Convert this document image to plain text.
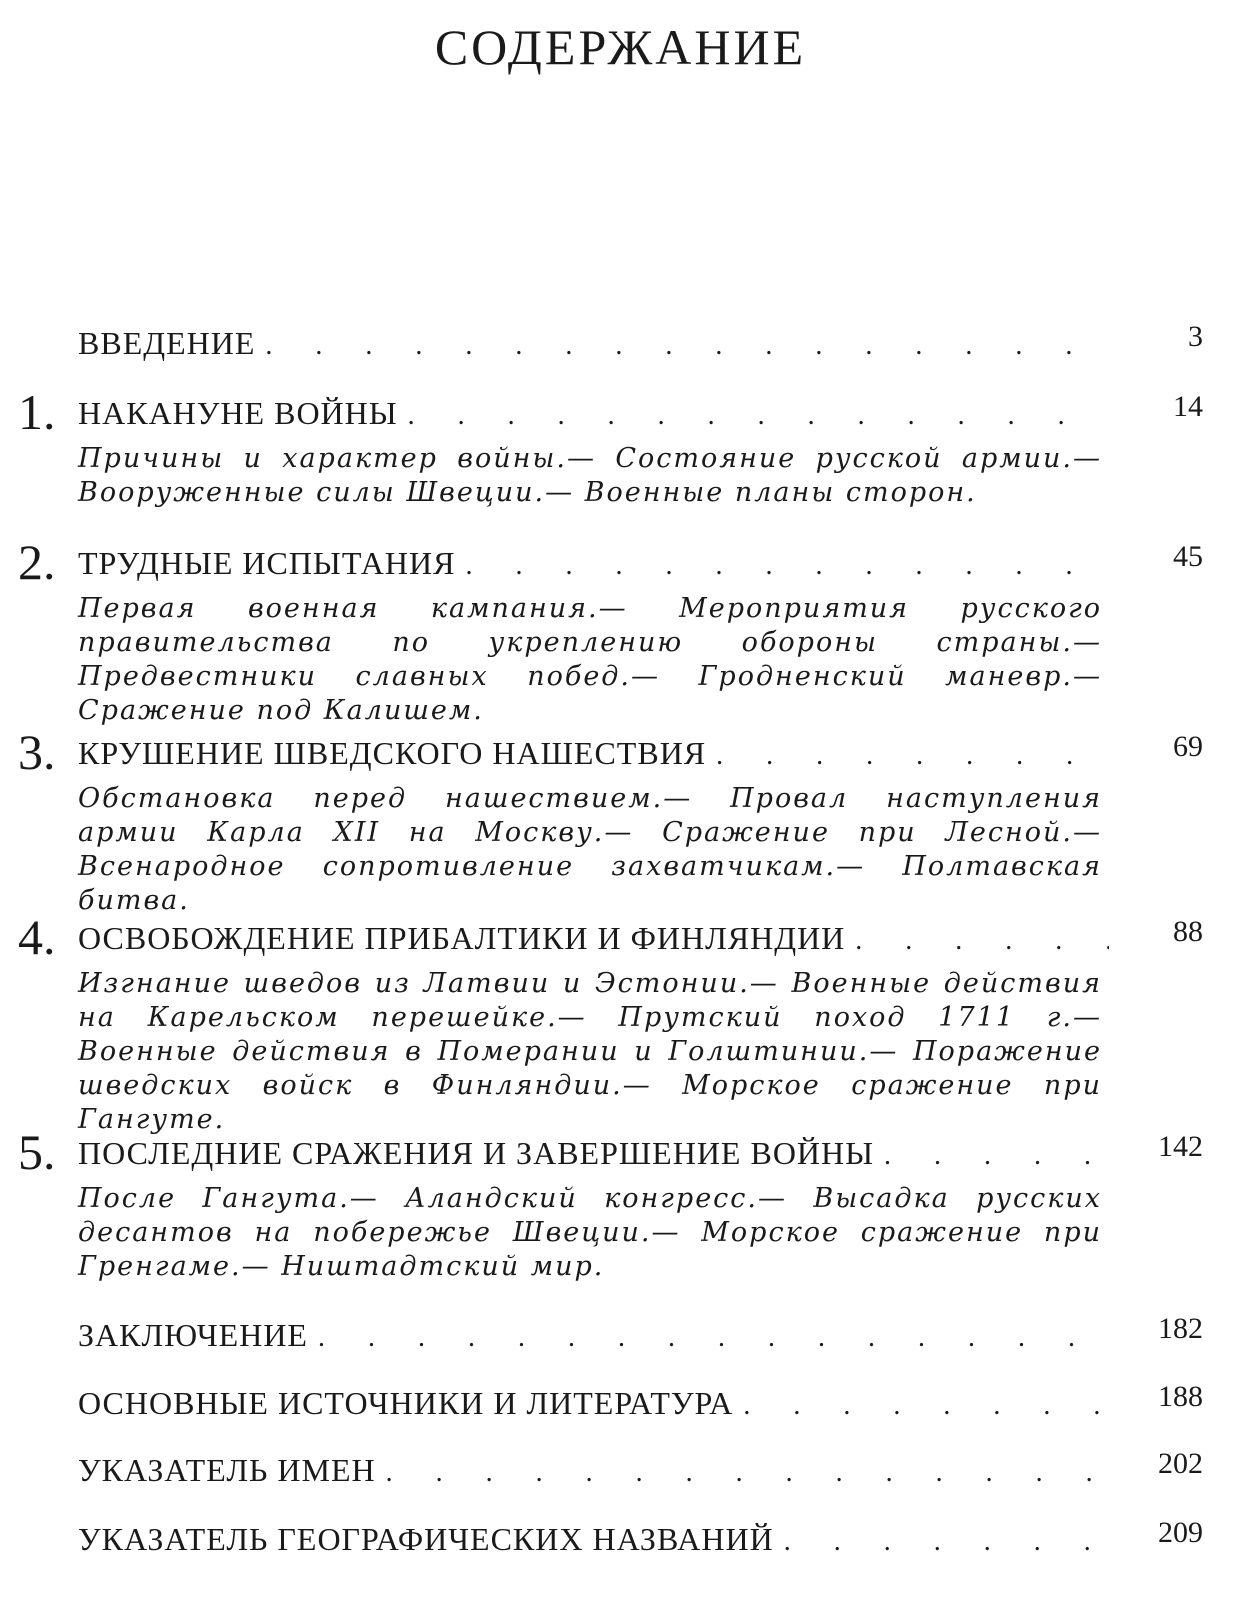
СОДЕРЖАНИЕ
ВВЕДЕНИЕ . . .	3
1. НАКАНУНЕ ВОЙНЫ . . .	14
Причины и характер войны.— Состояние русской армии.— Вооруженные силы Швеции.— Военные планы сторон.
2. ТРУДНЫЕ ИСПЫТАНИЯ . . .	45
Первая военная кампания.— Мероприятия русского правительства по укреплению обороны страны.— Предвестники славных побед.— Гродненский маневр.— Сражение под Калишем.
3. КРУШЕНИЕ ШВЕДСКОГО НАШЕСТВИЯ . . .	69
Обстановка перед нашествием.— Провал наступления армии Карла XII на Москву.— Сражение при Лесной.— Всенародное сопротивление захватчикам.— Полтавская битва.
4. ОСВОБОЖДЕНИЕ ПРИБАЛТИКИ И ФИНЛЯНДИИ . . .	88
Изгнание шведов из Латвии и Эстонии.— Военные действия на Карельском перешейке.— Прутский поход 1711 г.— Военные действия в Померании и Голштинии.— Поражение шведских войск в Финляндии.— Морское сражение при Гангуте.
5. ПОСЛЕДНИЕ СРАЖЕНИЯ И ЗАВЕРШЕНИЕ ВОЙНЫ . . .	142
После Гангута.— Аландский конгресс.— Высадка русских десантов на побережье Швеции.— Морское сражение при Гренгаме.— Ништадтский мир.
ЗАКЛЮЧЕНИЕ . . .	182
ОСНОВНЫЕ ИСТОЧНИКИ И ЛИТЕРАТУРА . . .	188
УКАЗАТЕЛЬ ИМЕН . . .	202
УКАЗАТЕЛЬ ГЕОГРАФИЧЕСКИХ НАЗВАНИЙ . . .	209
